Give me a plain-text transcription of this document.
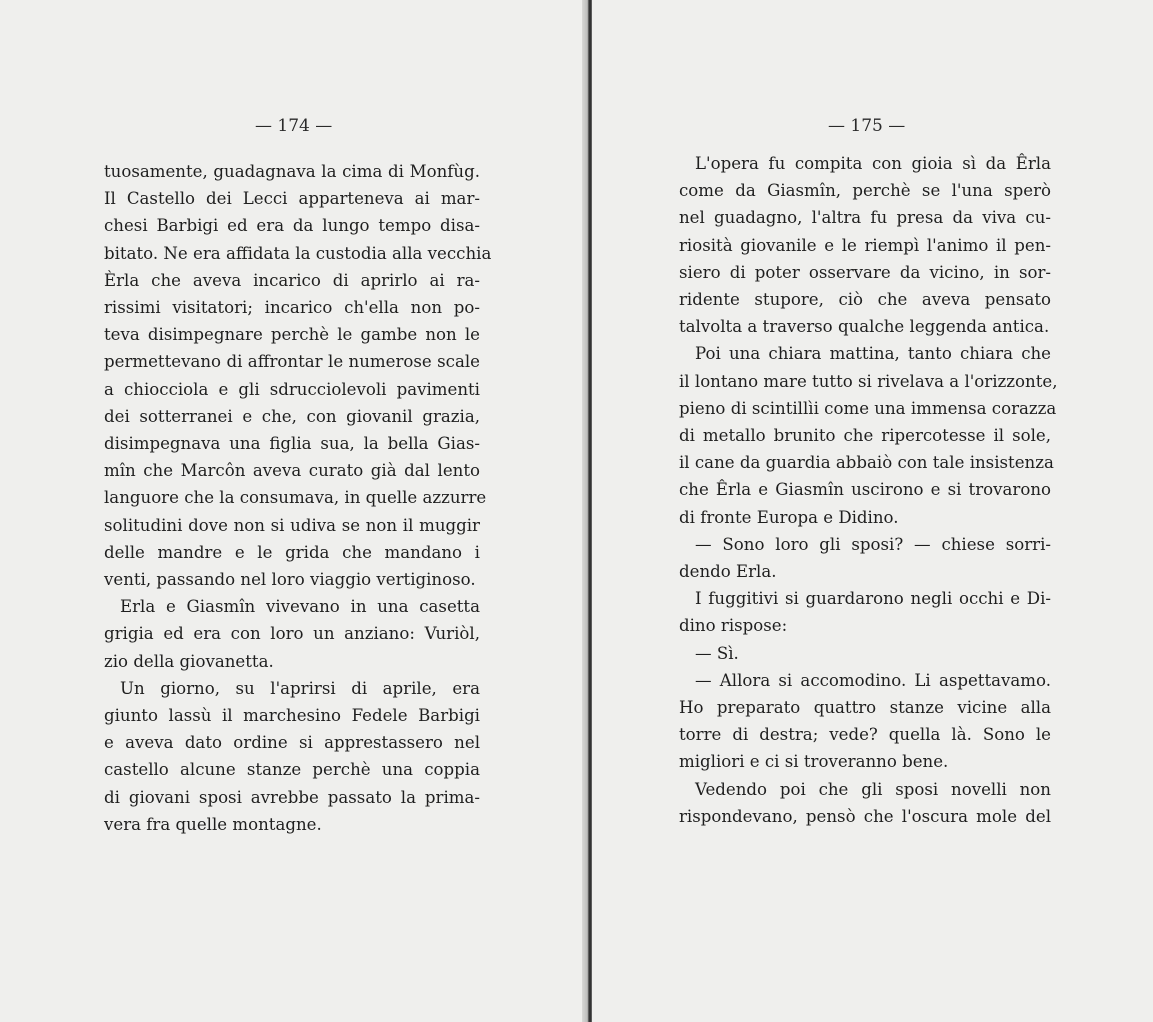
— 174 —
tuosamente, guadagnava la cima di Monfùg.
Il Castello dei Lecci apparteneva ai mar-
chesi Barbigi ed era da lungo tempo disa-
bitato. Ne era affidata la custodia alla vecchia
Èrla che aveva incarico di aprirlo ai ra-
rissimi visitatori; incarico ch'ella non po-
teva disimpegnare perchè le gambe non le
permettevano di affrontar le numerose scale
a chiocciola e gli sdrucciolevoli pavimenti
dei sotterranei e che, con giovanil grazia,
disimpegnava una figlia sua, la bella Gias-
mîn che Marcôn aveva curato già dal lento
languore che la consumava, in quelle azzurre
solitudini dove non si udiva se non il muggir
delle mandre e le grida che mandano i
venti, passando nel loro viaggio vertiginoso.
Erla e Giasmîn vivevano in una casetta
grigia ed era con loro un anziano: Vuriòl,
zio della giovanetta.
Un giorno, su l'aprirsi di aprile, era
giunto lassù il marchesino Fedele Barbigi
e aveva dato ordine si apprestassero nel
castello alcune stanze perchè una coppia
di giovani sposi avrebbe passato la prima-
vera fra quelle montagne.
— 175 —
L'opera fu compita con gioia sì da Êrla
come da Giasmîn, perchè se l'una sperò
nel guadagno, l'altra fu presa da viva cu-
riosità giovanile e le riempì l'animo il pen-
siero di poter osservare da vicino, in sor-
ridente stupore, ciò che aveva pensato
talvolta a traverso qualche leggenda antica.
Poi una chiara mattina, tanto chiara che
il lontano mare tutto si rivelava a l'orizzonte,
pieno di scintillìi come una immensa corazza
di metallo brunito che ripercotesse il sole,
il cane da guardia abbaiò con tale insistenza
che Êrla e Giasmîn uscirono e si trovarono
di fronte Europa e Didino.
— Sono loro gli sposi? — chiese sorri-
dendo Erla.
I fuggitivi si guardarono negli occhi e Di-
dino rispose:
— Sì.
— Allora si accomodino. Li aspettavamo.
Ho preparato quattro stanze vicine alla
torre di destra; vede? quella là. Sono le
migliori e ci si troveranno bene.
Vedendo poi che gli sposi novelli non
rispondevano, pensò che l'oscura mole del
